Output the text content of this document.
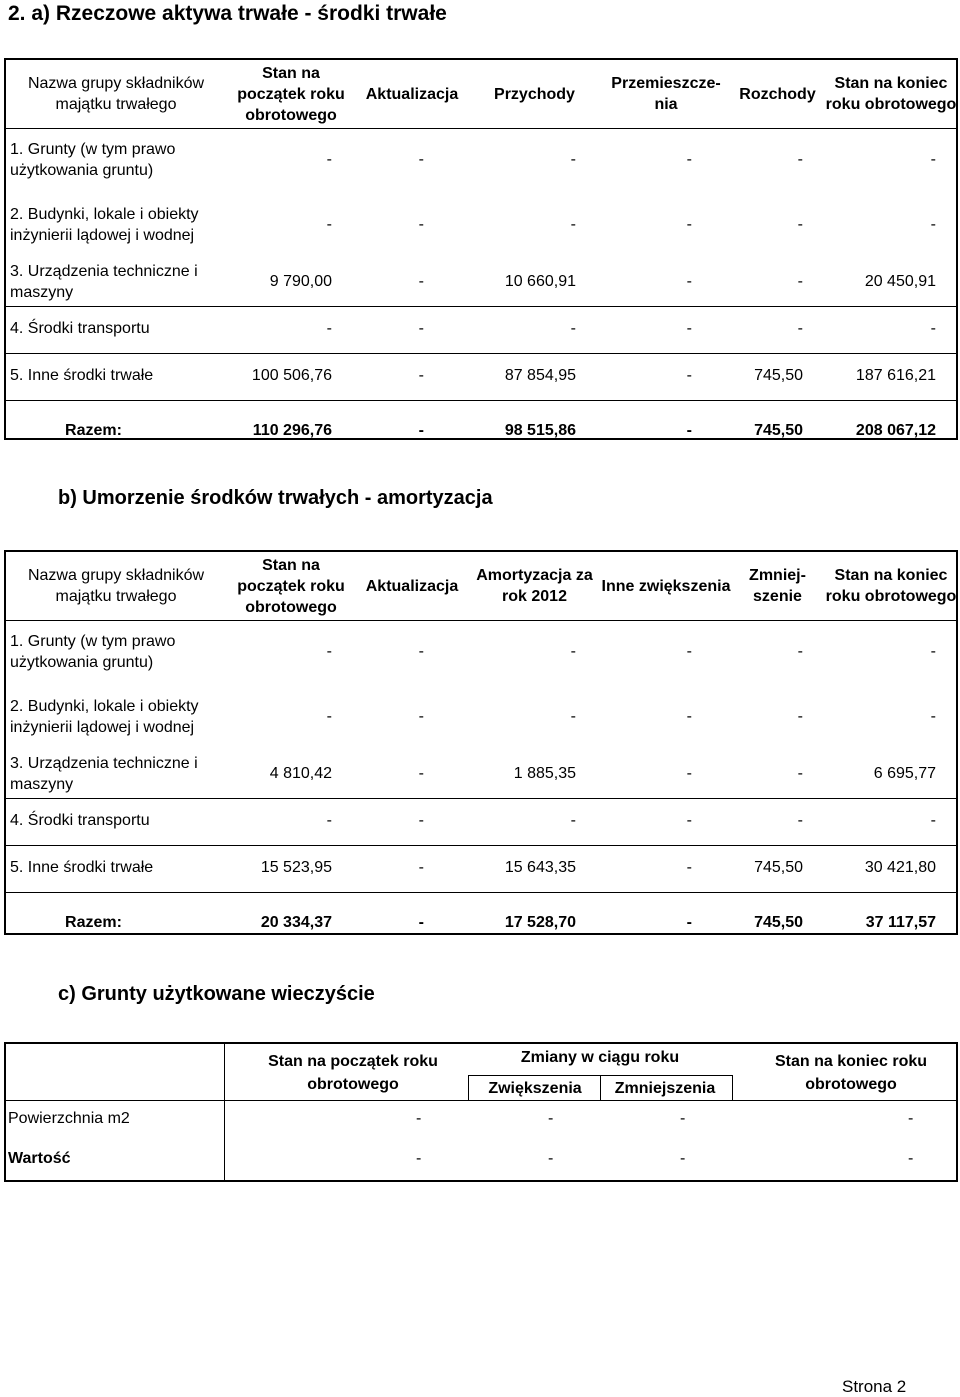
2. a) Rzeczowe aktywa trwałe - środki trwałe
b) Umorzenie środków trwałych - amortyzacja
c) Grunty użytkowane wieczyście
Strona 2
Nazwa grupy składników majątku trwałego
Stan na początek roku obrotowego
Aktualizacja	Przychody
Przemieszcze- nia
Rozchody
Stan na koniec roku obrotowego
1. Grunty (w tym prawo użytkowania gruntu)
-	-	-	-	-	-
2. Budynki, lokale i obiekty inżynierii lądowej i wodnej
-	-	-	-	-	-
3. Urządzenia techniczne i maszyny
9 790,00	-	10 660,91	-	-	20 450,91
4. Środki transportu	-	-	-	-	-	-
5. Inne środki trwałe	100 506,76	-	87 854,95	-	745,50	187 616,21
Razem:	110 296,76	-	98 515,86	-	745,50	208 067,12
Nazwa grupy składników majątku trwałego
Stan na początek roku obrotowego
Aktualizacja
Amortyzacja za rok 2012
Inne zwiększenia
Zmniej- szenie
Stan na koniec roku obrotowego
1. Grunty (w tym prawo użytkowania gruntu)
-	-	-	-	-	-
2. Budynki, lokale i obiekty inżynierii lądowej i wodnej
-	-	-	-	-	-
3. Urządzenia techniczne i maszyny
4 810,42	-	1 885,35	-	-	6 695,77
4. Środki transportu	-	-	-	-	-	-
5. Inne środki trwałe	15 523,95	-	15 643,35	-	745,50	30 421,80
Razem:	20 334,37	-	17 528,70	-	745,50	37 117,57
Stan na początek roku obrotowego
Zmiany w ciągu roku
Zwiększenia	Zmniejszenia
Stan na koniec roku obrotowego
Powierzchnia m2	-	-	-	-
Wartość	-	-	-	-
